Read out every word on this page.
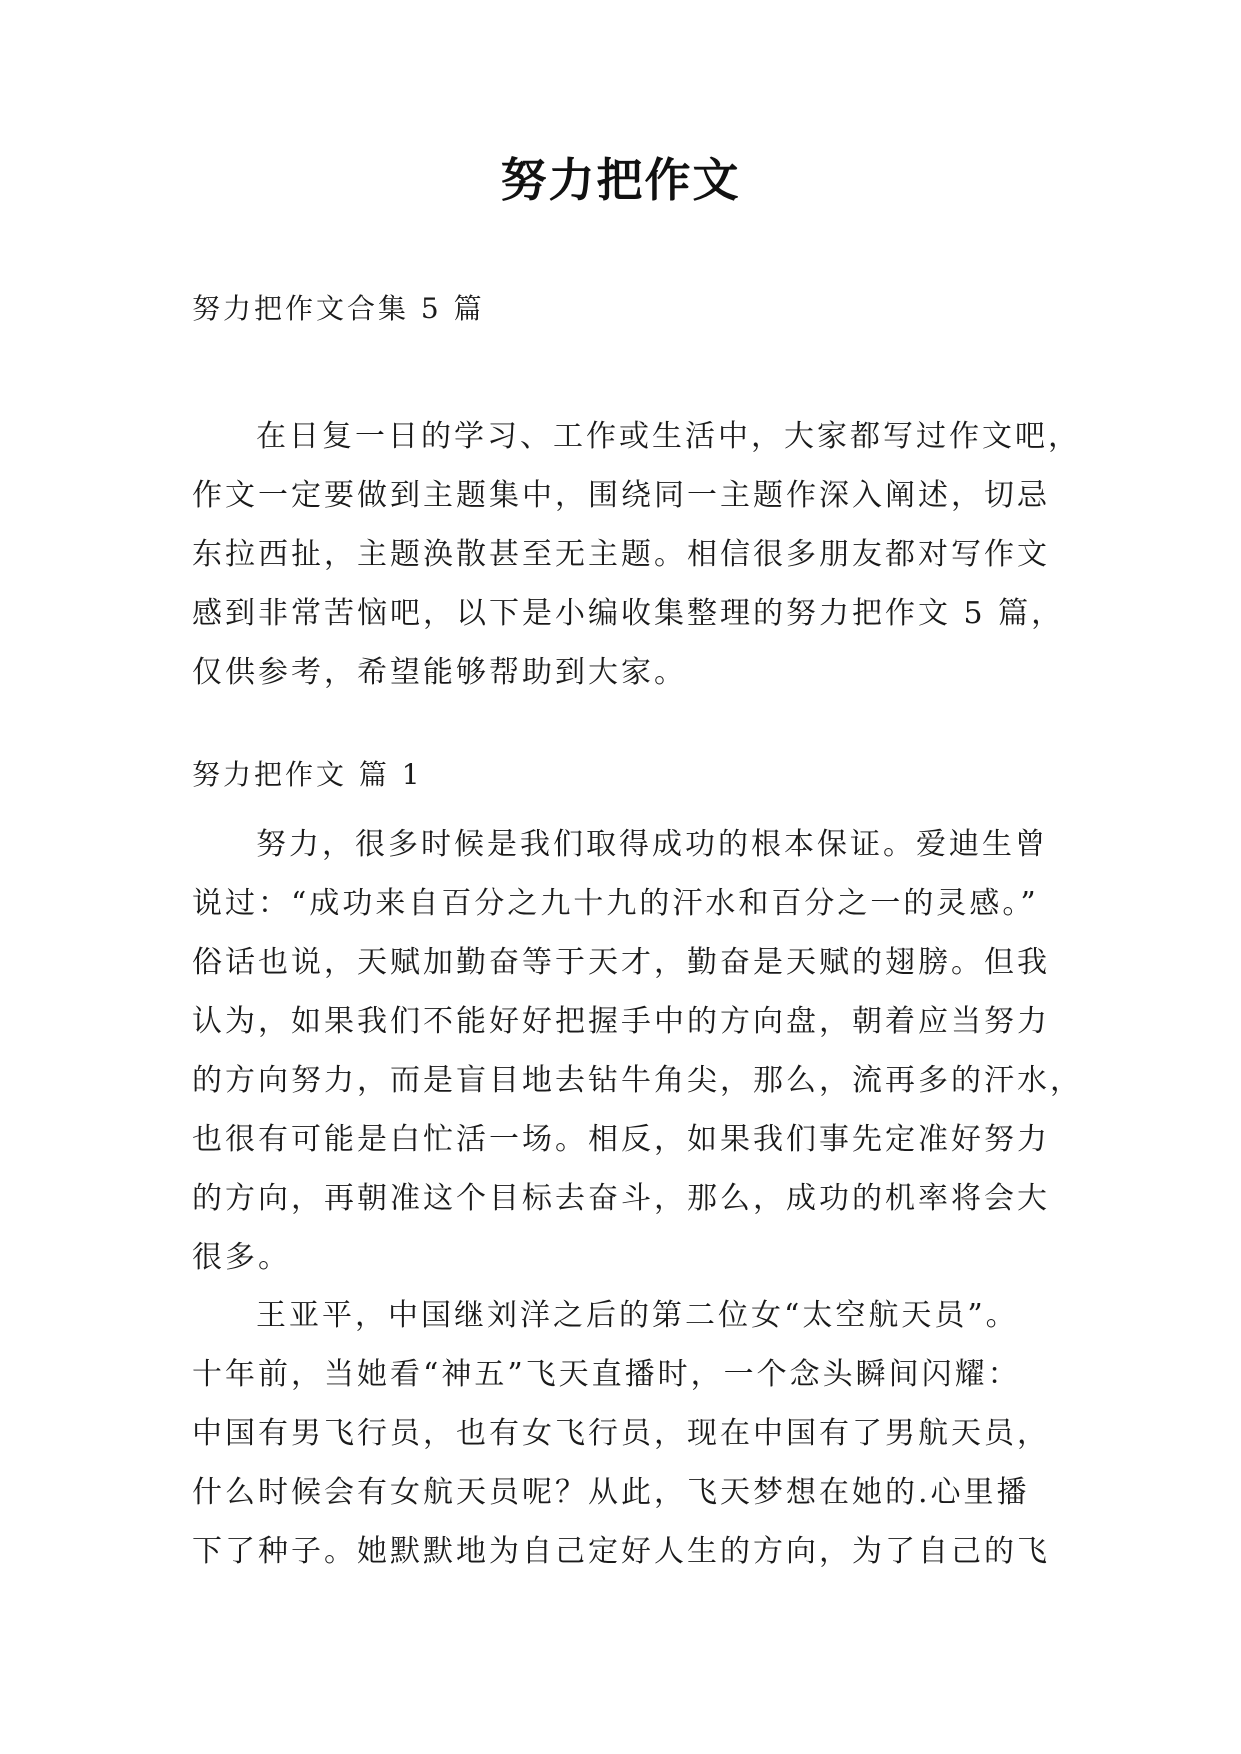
努力把作文
努力把作文合集 5 篇
在日复一日的学习、工作或生活中，大家都写过作文吧，
作文一定要做到主题集中，围绕同一主题作深入阐述，切忌
东拉西扯，主题涣散甚至无主题。相信很多朋友都对写作文
感到非常苦恼吧，以下是小编收集整理的努力把作文 5 篇，
仅供参考，希望能够帮助到大家。
努力把作文 篇 1
努力，很多时候是我们取得成功的根本保证。爱迪生曾
说过：“成功来自百分之九十九的汗水和百分之一的灵感。”
俗话也说，天赋加勤奋等于天才，勤奋是天赋的翅膀。但我
认为，如果我们不能好好把握手中的方向盘，朝着应当努力
的方向努力，而是盲目地去钻牛角尖，那么，流再多的汗水，
也很有可能是白忙活一场。相反，如果我们事先定准好努力
的方向，再朝准这个目标去奋斗，那么，成功的机率将会大
很多。
王亚平，中国继刘洋之后的第二位女“太空航天员”。
十年前，当她看“神五”飞天直播时，一个念头瞬间闪耀：
中国有男飞行员，也有女飞行员，现在中国有了男航天员，
什么时候会有女航天员呢？从此，飞天梦想在她的.心里播
下了种子。她默默地为自己定好人生的方向，为了自己的飞
